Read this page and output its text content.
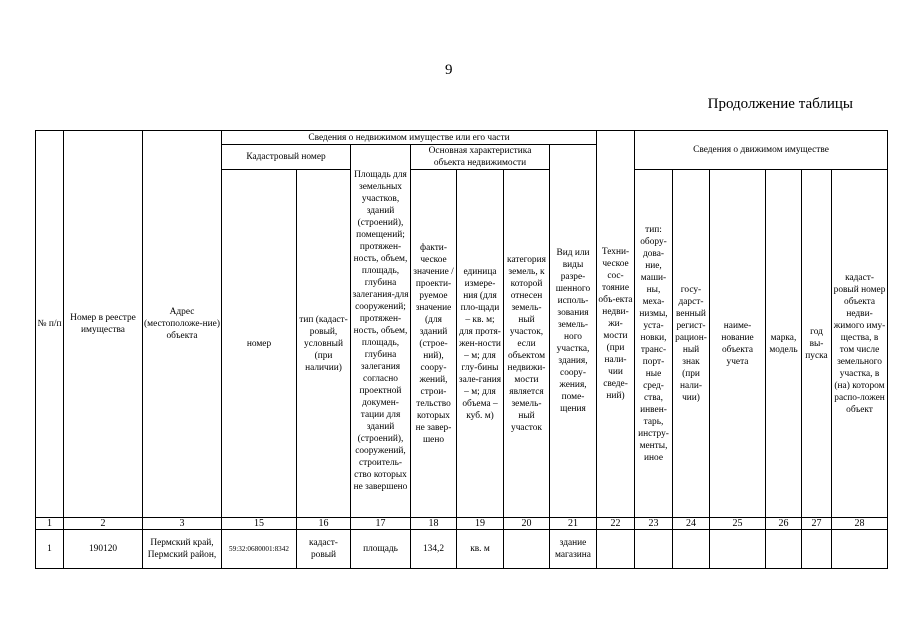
9
Продолжение таблицы
№ п/п	Номер в реестре имущества	Адрес (местоположе-ние) объекта	Сведения о недвижимом имуществе или его части							Техни-ческое сос-тояние объ-екта недви-жи-мости (при нали-чии сведе-ний)	Сведения о движимом имуществе					
			Кадастровый номер		Площадь для земельных участков, зданий (строений), помещений; протяжен-ность, объем, площадь, глубина залегания-для сооружений; протяжен-ность, объем, площадь, глубина залегания согласно проектной докумен-тации для зданий (строений), сооружений, строитель-ство которых не завершено	Основная характеристика объекта недвижимости			Вид или виды разре-шенного исполь-зования земель-ного участка, здания, соору-жения, поме-щения							
			номер	тип (кадаст-ровый, условный (при наличии)		факти-ческое значение / проекти-руемое значение (для зданий (строе-ний), соору-жений, строи-тельство которых не завер-шено	единица измере-ния (для пло-щади – кв. м; для протя-жен-ности – м; для глу-бины зале-гания – м; для объема – куб. м)	категория земель, к которой отнесен земель-ный участок, если объектом недвижи-мости является земель-ный участок			тип: обору-дова-ние, маши-ны, меха-низмы, уста-новки, транс-порт-ные сред-ства, инвен-тарь, инстру-менты, иное	госу-дарст-венный регист-рацион-ный знак (при нали-чии)	наиме-нование объекта учета	марка, модель	год вы-пуска	кадаст-ровый номер объекта недви-жимого иму-щества, в том числе земельного участка, в (на) котором распо-ложен объект
1	2	3	15	16	17	18	19	20	21	22	23	24	25	26	27	28
1	190120	Пермский край, Пермский район,	59:32:0680001:8342	кадаст-ровый	площадь	134,2	кв. м		здание магазина							
